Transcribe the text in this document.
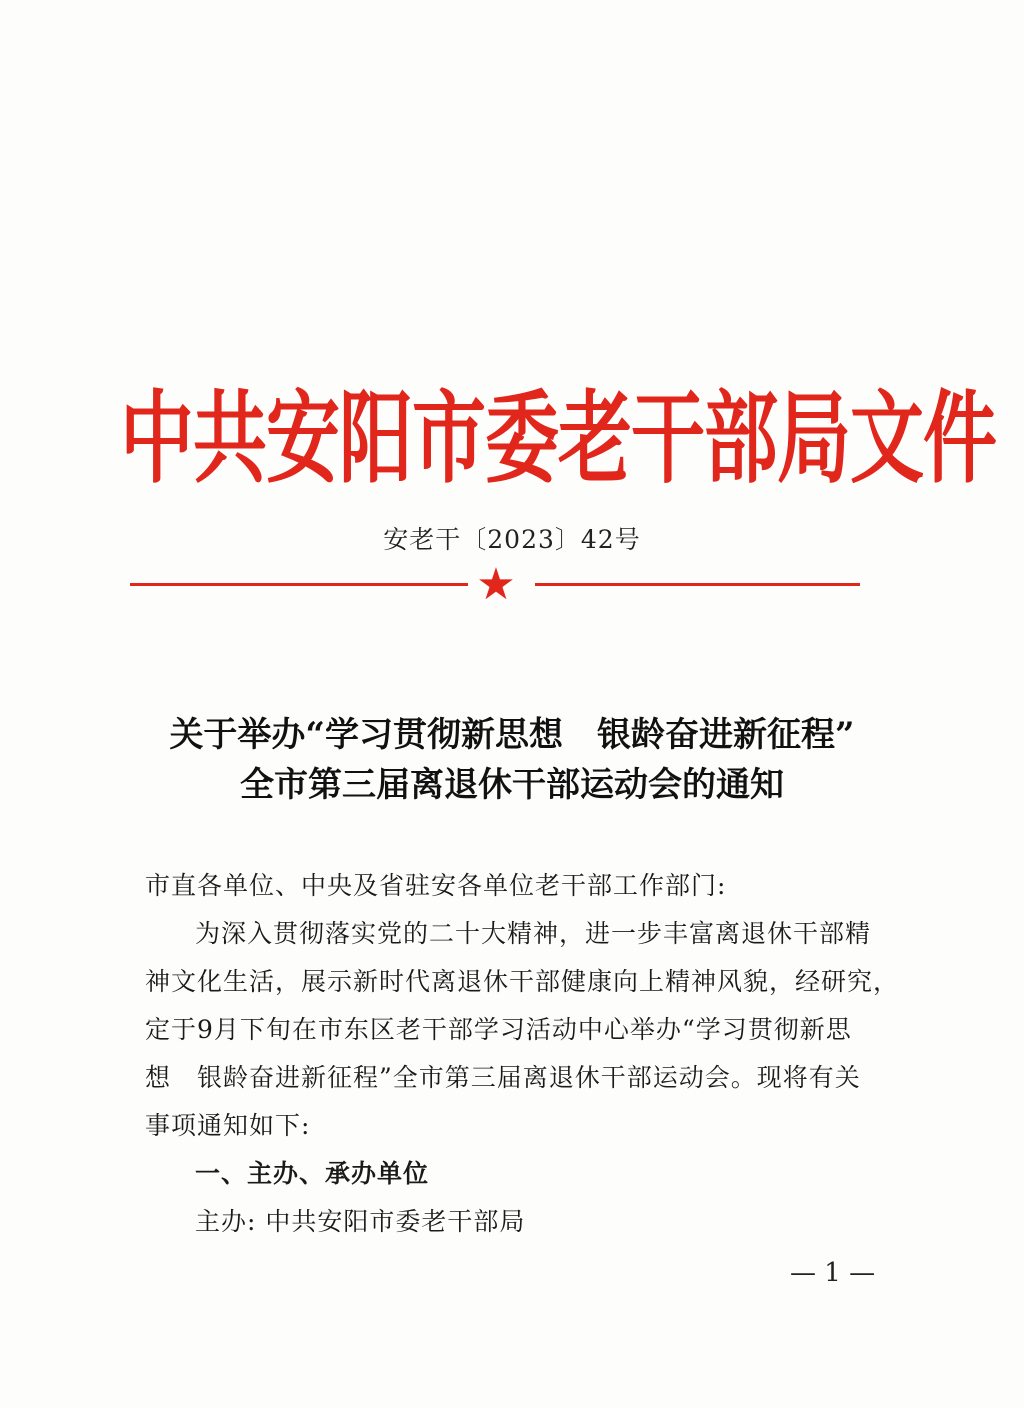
中共安阳市委老干部局文件
安老干〔2023〕42号
★
关于举办“学习贯彻新思想　银龄奋进新征程”
全市第三届离退休干部运动会的通知
市直各单位、中央及省驻安各单位老干部工作部门:
为深入贯彻落实党的二十大精神，进一步丰富离退休干部精
神文化生活，展示新时代离退休干部健康向上精神风貌，经研究，
定于9月下旬在市东区老干部学习活动中心举办“学习贯彻新思
想　银龄奋进新征程”全市第三届离退休干部运动会。现将有关
事项通知如下:
一、主办、承办单位
主办: 中共安阳市委老干部局
— 1 —
